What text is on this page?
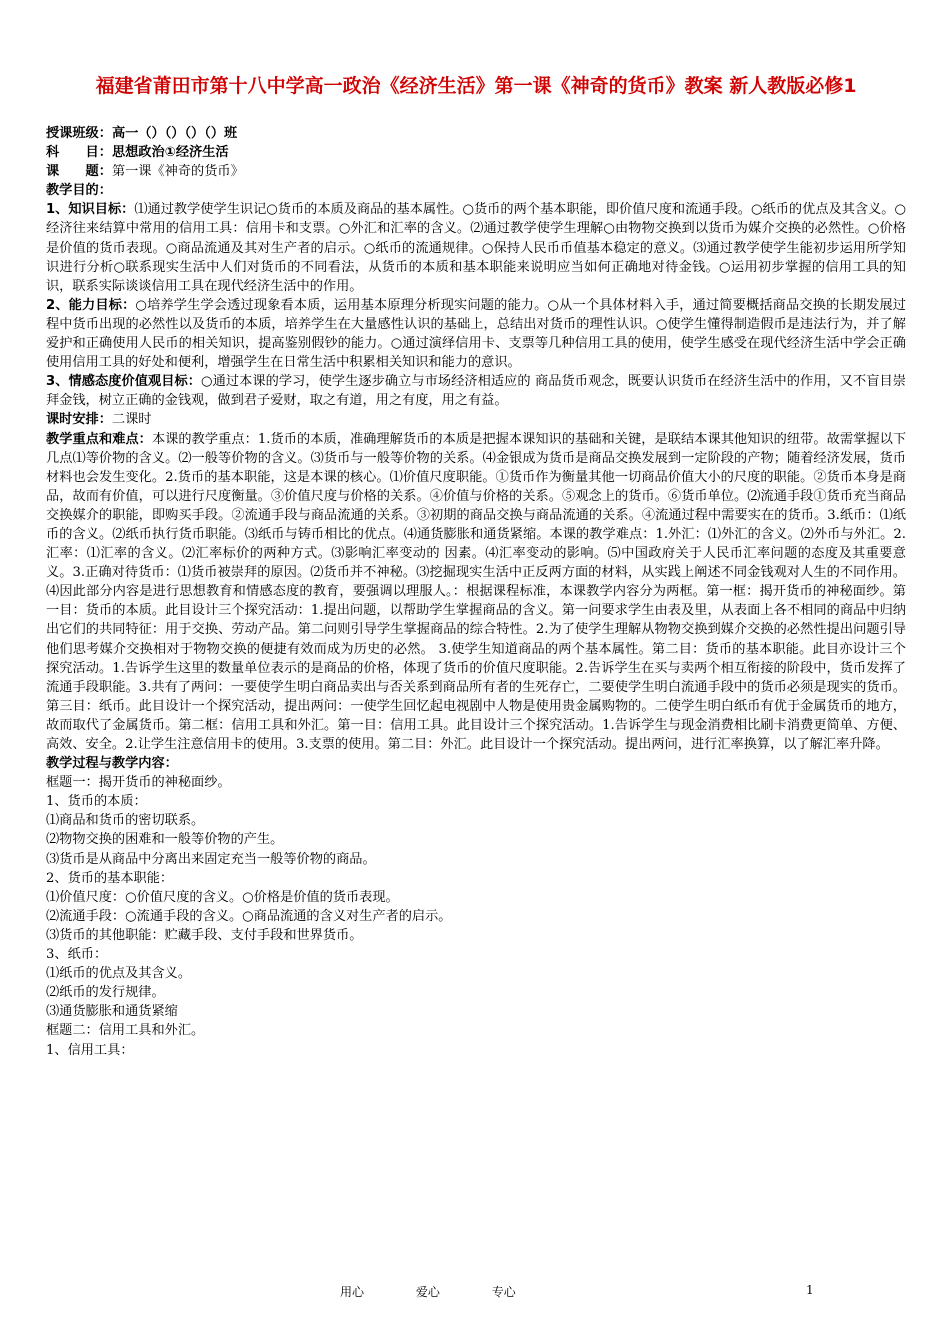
福建省莆田市第十八中学高一政治《经济生活》第一课《神奇的货币》教案 新人教版必修1

授课班级：高一（）（）（）（）班

科　　目：思想政治①经济生活

课　　题：第一课《神奇的货币》

教学目的：

1、知识目标：⑴通过教学使学生识记○货币的本质及商品的基本属性。○货币的两个基本职能，即价值尺度和流通手段。○纸币的优点及其含义。○经济往来结算中常用的信用工具：信用卡和支票。○外汇和汇率的含义。⑵通过教学使学生理解○由物物交换到以货币为媒介交换的必然性。○价格是价值的货币表现。○商品流通及其对生产者的启示。○纸币的流通规律。○保持人民币币值基本稳定的意义。⑶通过教学使学生能初步运用所学知识进行分析○联系现实生活中人们对货币的不同看法，从货币的本质和基本职能来说明应当如何正确地对待金钱。○运用初步掌握的信用工具的知识，联系实际谈谈信用工具在现代经济生活中的作用。

2、能力目标：○培养学生学会透过现象看本质，运用基本原理分析现实问题的能力。○从一个具体材料入手，通过简要概括商品交换的长期发展过程中货币出现的必然性以及货币的本质，培养学生在大量感性认识的基础上，总结出对货币的理性认识。○使学生懂得制造假币是违法行为，并了解爱护和正确使用人民币的相关知识，提高鉴别假钞的能力。○通过演绎信用卡、支票等几种信用工具的使用，使学生感受在现代经济生活中学会正确使用信用工具的好处和便利，增强学生在日常生活中积累相关知识和能力的意识。

3、情感态度价值观目标：○通过本课的学习，使学生逐步确立与市场经济相适应的 商品货币观念，既要认识货币在经济生活中的作用，又不盲目崇拜金钱，树立正确的金钱观，做到君子爱财，取之有道，用之有度，用之有益。

课时安排：二课时

教学重点和难点：本课的教学重点：1.货币的本质，准确理解货币的本质是把握本课知识的基础和关键，是联结本课其他知识的纽带。故需掌握以下几点⑴等价物的含义。⑵一般等价物的含义。⑶货币与一般等价物的关系。⑷金银成为货币是商品交换发展到一定阶段的产物；随着经济发展，货币材料也会发生变化。2.货币的基本职能，这是本课的核心。⑴价值尺度职能。①货币作为衡量其他一切商品价值大小的尺度的职能。②货币本身是商品，故而有价值，可以进行尺度衡量。③价值尺度与价格的关系。④价值与价格的关系。⑤观念上的货币。⑥货币单位。⑵流通手段①货币充当商品交换媒介的职能，即购买手段。②流通手段与商品流通的关系。③初期的商品交换与商品流通的关系。④流通过程中需要实在的货币。3.纸币：⑴纸币的含义。⑵纸币执行货币职能。⑶纸币与铸币相比的优点。⑷通货膨胀和通货紧缩。本课的教学难点：1.外汇：⑴外汇的含义。⑵外币与外汇。2.汇率：⑴汇率的含义。⑵汇率标价的两种方式。⑶影响汇率变动的 因素。⑷汇率变动的影响。⑸中国政府关于人民币汇率问题的态度及其重要意义。3.正确对待货币：⑴货币被崇拜的原因。⑵货币并不神秘。⑶挖掘现实生活中正反两方面的材料，从实践上阐述不同金钱观对人生的不同作用。⑷因此部分内容是进行思想教育和情感态度的教育，要强调以理服人。：根据课程标准，本课教学内容分为两框。第一框：揭开货币的神秘面纱。第一目：货币的本质。此目设计三个探究活动：1.提出问题，以帮助学生掌握商品的含义。第一问要求学生由表及里，从表面上各不相同的商品中归纳出它们的共同特征：用于交换、劳动产品。第二问则引导学生掌握商品的综合特性。2.为了使学生理解从物物交换到媒介交换的必然性提出问题引导他们思考媒介交换相对于物物交换的便捷有效而成为历史的必然。 3.使学生知道商品的两个基本属性。第二目：货币的基本职能。此目亦设计三个探究活动。1.告诉学生这里的数量单位表示的是商品的价格，体现了货币的价值尺度职能。2.告诉学生在买与卖两个相互衔接的阶段中，货币发挥了流通手段职能。3.共有了两问：一要使学生明白商品卖出与否关系到商品所有者的生死存亡，二要使学生明白流通手段中的货币必须是现实的货币。第三目：纸币。此目设计一个探究活动，提出两问：一使学生回忆起电视剧中人物是使用贵金属购物的。二使学生明白纸币有优于金属货币的地方，故而取代了金属货币。第二框：信用工具和外汇。第一目：信用工具。此目设计三个探究活动。1.告诉学生与现金消费相比刷卡消费更简单、方便、高效、安全。2.让学生注意信用卡的使用。3.支票的使用。第二目：外汇。此目设计一个探究活动。提出两问，进行汇率换算，以了解汇率升降。

教学过程与教学内容：

框题一：揭开货币的神秘面纱。

1、货币的本质：

⑴商品和货币的密切联系。

⑵物物交换的困难和一般等价物的产生。

⑶货币是从商品中分离出来固定充当一般等价物的商品。

2、货币的基本职能：

⑴价值尺度：○价值尺度的含义。○价格是价值的货币表现。

⑵流通手段：○流通手段的含义。○商品流通的含义对生产者的启示。

⑶货币的其他职能：贮藏手段、支付手段和世界货币。

3、纸币：

⑴纸币的优点及其含义。

⑵纸币的发行规律。

⑶通货膨胀和通货紧缩

框题二：信用工具和外汇。

1、信用工具：

用心	爱心	专心	1
